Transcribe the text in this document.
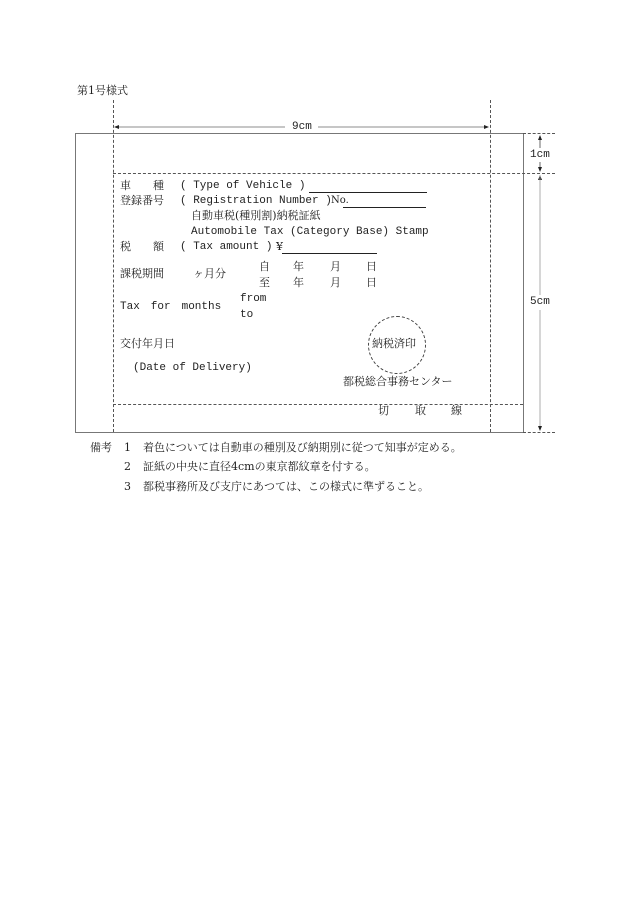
第1号様式
9cm
1cm
5cm
車　　種 ( Type of Vehicle )
登録番号 ( Registration Number ) No.
自動車税(種別割)納税証紙
Automobile Tax (Category Base) Stamp
税　　額 ( Tax amount ) ¥
課税期間	ヶ月分
自 年 月 日
至 年 月 日
Tax　for　months
from
to
交付年月日
(Date of Delivery)
納税済印
都税総合事務センター
切 取 線
備考 1 着色については自動車の種別及び納期別に従つて知事が定める。
2 証紙の中央に直径4cmの東京都紋章を付する。
3 都税事務所及び支庁にあつては、この様式に準ずること。
